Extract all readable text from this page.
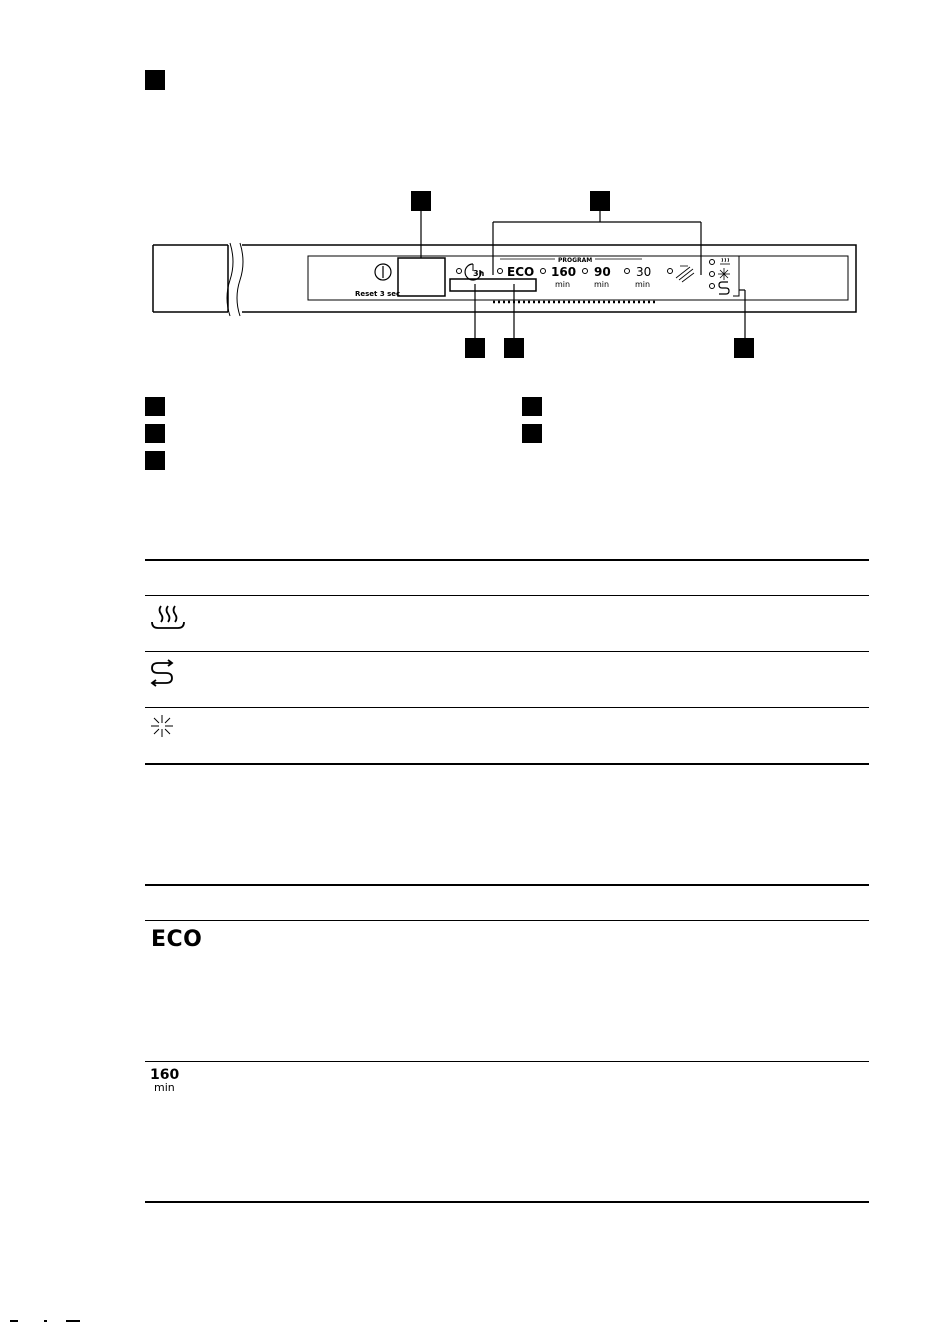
Reset 3 sec
3h
PROGRAM
ECO 160
min
90
min
30
min
ECO
160
min
